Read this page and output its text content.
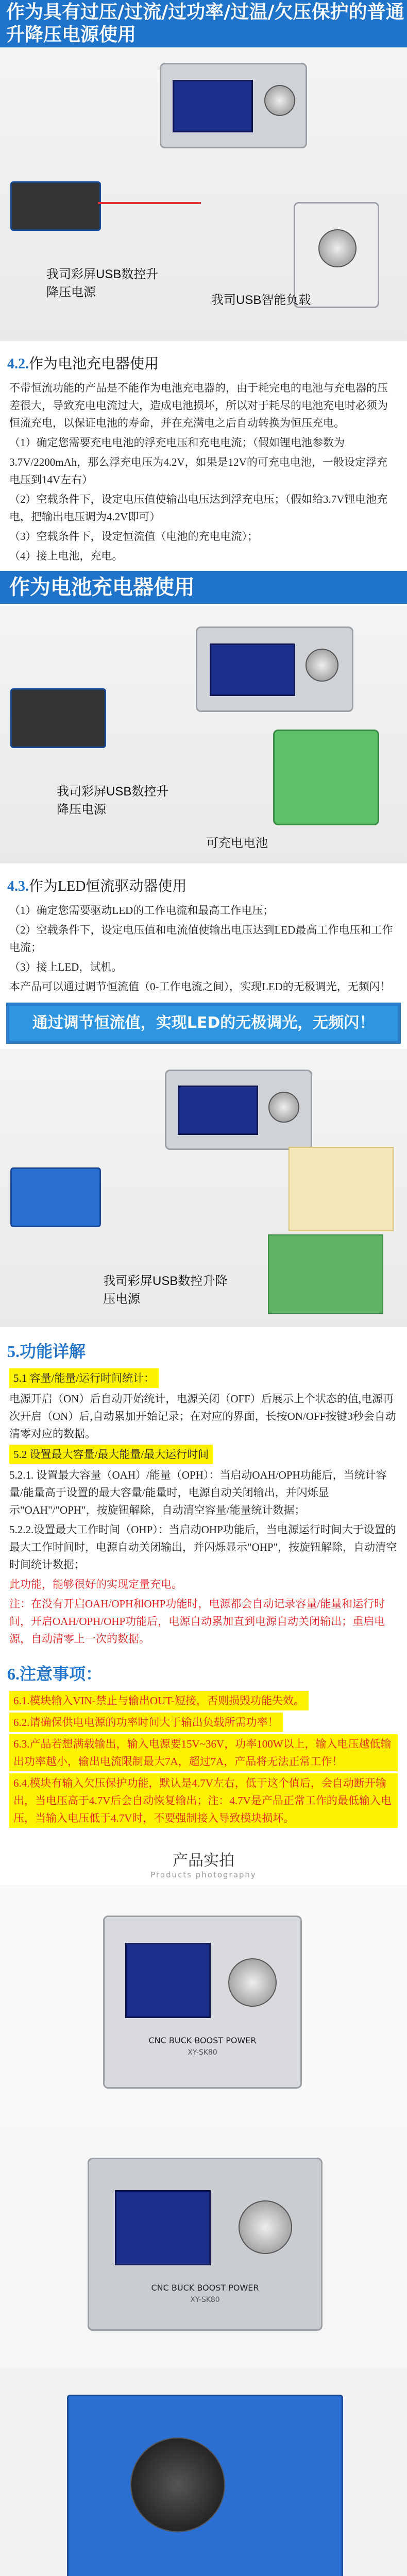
作为具有过压/过流/过功率/过温/欠压保护的普通升降压电源使用
我司彩屏USB数控升降压电源
我司USB智能负载
4.2.作为电池充电器使用
不带恒流功能的产品是不能作为电池充电器的，由于耗完电的电池与充电器的压差很大，导致充电电流过大，造成电池损坏，所以对于耗尽的电池充电时必须为恒流充电，以保证电池的寿命，并在充满电之后自动转换为恒压充电。
（1）确定您需要充电电池的浮充电压和充电电流；（假如锂电池参数为
3.7V/2200mAh，那么浮充电压为4.2V，如果是12V的可充电电池，一般设定浮充电压到14V左右）
（2）空载条件下，设定电压值使输出电压达到浮充电压；（假如给3.7V锂电池充电，把输出电压调为4.2V即可）
（3）空载条件下，设定恒流值（电池的充电电流）；
（4）接上电池，充电。
作为电池充电器使用
我司彩屏USB数控升降压电源
可充电电池
4.3.作为LED恒流驱动器使用
（1）确定您需要驱动LED的工作电流和最高工作电压；
（2）空载条件下，设定电压值和电流值使输出电压达到LED最高工作电压和工作电流；
（3）接上LED，试机。
本产品可以通过调节恒流值（0-工作电流之间），实现LED的无极调光，无频闪！
通过调节恒流值，实现LED的无极调光，无频闪！
我司彩屏USB数控升降压电源
5.功能详解
5.1 容量/能量/运行时间统计：
电源开启（ON）后自动开始统计，电源关闭（OFF）后展示上个状态的值,电源再次开启（ON）后,自动累加开始记录；在对应的界面，长按ON/OFF按键3秒会自动清零对应的数据。
5.2 设置最大容量/最大能量/最大运行时间
5.2.1. 设置最大容量（OAH）/能量（OPH）：当启动OAH/OPH功能后，当统计容量/能量高于设置的最大容量/能量时，电源自动关闭输出，并闪烁显示"OAH"/"OPH"，按旋钮解除，自动清空容量/能量统计数据；
5.2.2.设置最大工作时间（OHP）：当启动OHP功能后，当电源运行时间大于设置的最大工作时间时，电源自动关闭输出，并闪烁显示"OHP"，按旋钮解除，自动清空时间统计数据；
此功能，能够很好的实现定量充电。
注：在没有开启OAH/OPH和OHP功能时，电源都会自动记录容量/能量和运行时间，开启OAH/OPH/OHP功能后，电源自动累加直到电源自动关闭输出；重启电源，自动清零上一次的数据。
6.注意事项：
6.1.模块输入VIN-禁止与输出OUT-短接，否则损毁功能失效。
6.2.请确保供电电源的功率时间大于输出负载所需功率！
6.3.产品若想满载输出，输入电源要15V~36V，功率100W以上，输入电压越低输出功率越小，输出电流限制最大7A，超过7A，产品将无法正常工作！
6.4.模块有输入欠压保护功能，默认是4.7V左右，低于这个值后，会自动断开输出，当电压高于4.7V后会自动恢复输出；注：4.7V是产品正常工作的最低输入电压，当输入电压低于4.7V时，不要强制接入导致模块损坏。
产品实拍
Products photography
CNC BUCK BOOST POWER
XY-SK80
CNC BUCK BOOST POWER
XY-SK80
